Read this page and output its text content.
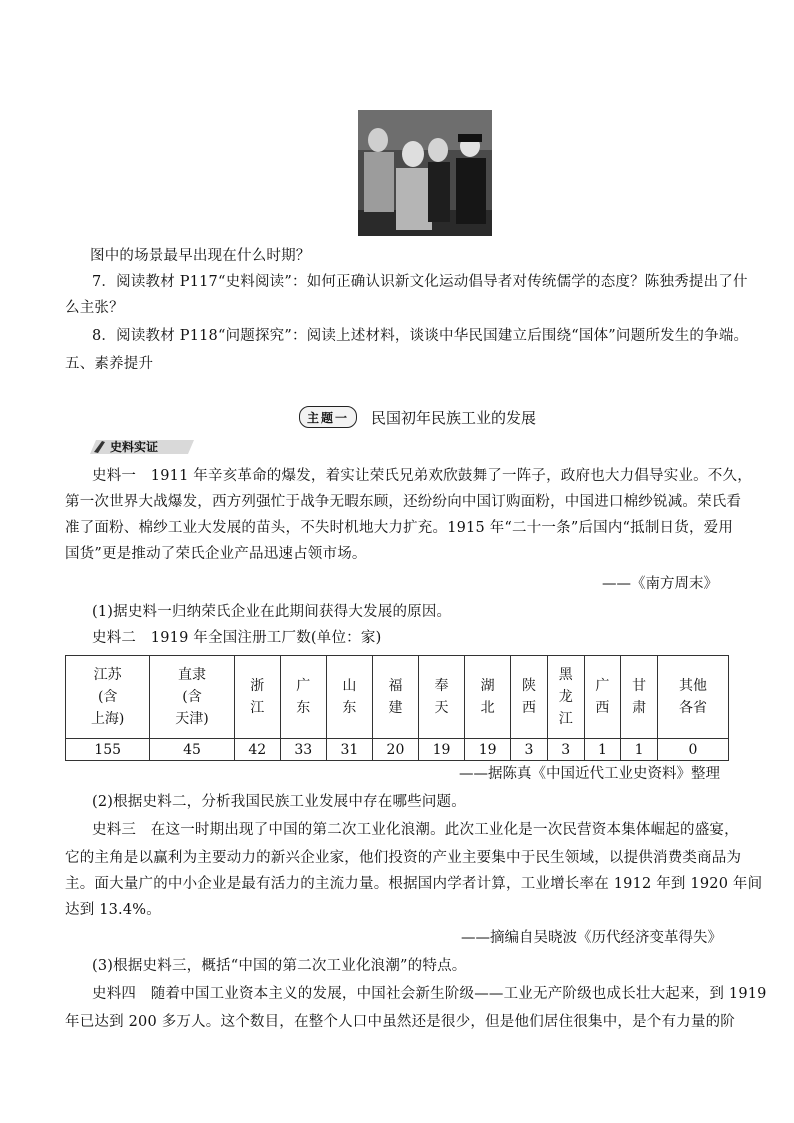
图中的场景最早出现在什么时期？
7．阅读教材 P117“史料阅读”：如何正确认识新文化运动倡导者对传统儒学的态度？陈独秀提出了什
么主张？
8．阅读教材 P118“问题探究”：阅读上述材料，谈谈中华民国建立后围绕“国体”问题所发生的争端。
五、素养提升
主题一	民国初年民族工业的发展
史料实证
史料一　1911 年辛亥革命的爆发，着实让荣氏兄弟欢欣鼓舞了一阵子，政府也大力倡导实业。不久，
第一次世界大战爆发，西方列强忙于战争无暇东顾，还纷纷向中国订购面粉，中国进口棉纱锐减。荣氏看
准了面粉、棉纱工业大发展的苗头，不失时机地大力扩充。1915 年“二十一条”后国内“抵制日货，爱用
国货”更是推动了荣氏企业产品迅速占领市场。
——《南方周末》
(1)据史料一归纳荣氏企业在此期间获得大发展的原因。
史料二　1919 年全国注册工厂数(单位：家)
江苏
(含
上海)	直隶
(含
天津)	浙
江	广
东	山
东	福
建	奉
天	湖
北	陕
西	黑
龙
江	广
西	甘
肃	其他
各省

155	45	42	33	31	20	19	19	3	3	1	1	0
——据陈真《中国近代工业史资料》整理
(2)根据史料二，分析我国民族工业发展中存在哪些问题。
史料三　在这一时期出现了中国的第二次工业化浪潮。此次工业化是一次民营资本集体崛起的盛宴，
它的主角是以赢利为主要动力的新兴企业家，他们投资的产业主要集中于民生领域，以提供消费类商品为
主。面大量广的中小企业是最有活力的主流力量。根据国内学者计算，工业增长率在 1912 年到 1920 年间
达到 13.4%。
——摘编自吴晓波《历代经济变革得失》
(3)根据史料三，概括“中国的第二次工业化浪潮”的特点。
史料四　随着中国工业资本主义的发展，中国社会新生阶级——工业无产阶级也成长壮大起来，到 1919
年已达到 200 多万人。这个数目，在整个人口中虽然还是很少，但是他们居住很集中，是个有力量的阶
